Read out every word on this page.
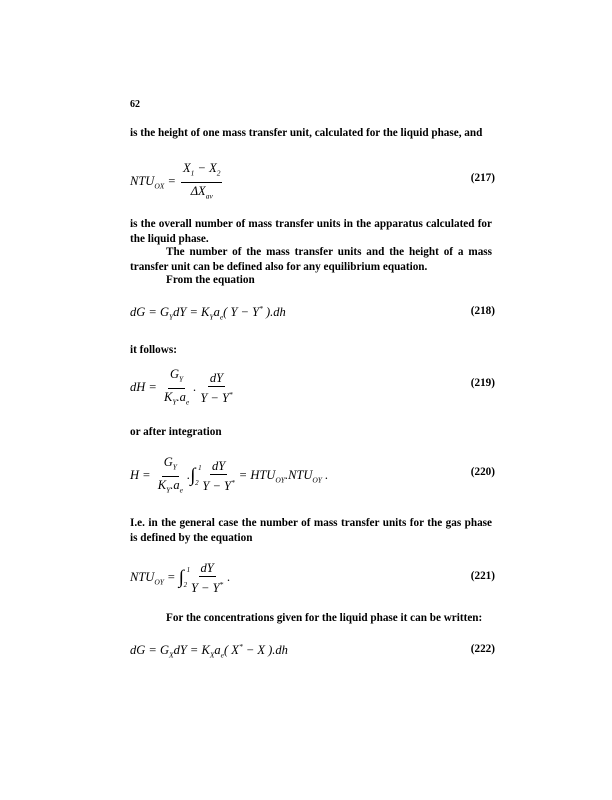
62
is the height of one mass transfer unit, calculated for the liquid phase, and
$NTU_{OX} = \frac{X_1 - X_2}{\Delta X_{av}}$	(217)
is the overall number of mass transfer units in the apparatus calculated for the liquid phase.
The number of the mass transfer units and the height of a mass transfer unit can be defined also for any equilibrium equation.
From the equation
dG = $G_YdY = K_Ya_e$( Y − Y* ).dh	(218)
it follows:
dH = $\frac{G_Y}{K_Y.a_e}$ . $\frac{dY}{Y - Y^*}$	(219)
or after integration
$H = \frac{G_Y}{K_Y.a_e}$ .∫ 1
2
$\frac{dY}{Y - Y^*} = HTU_{OY}.NTU_{OY}$ .	(220)
I.e. in the general case the number of mass transfer units for the gas phase is defined by the equation
$NTU_{OY}$ = ∫ 1
2
$\frac{dY}{Y - Y^*}$ .	(221)
For the concentrations given for the liquid phase it can be written:
dG = $G_XdY = K_Xa_e$( X* − X ).dh	(222)
